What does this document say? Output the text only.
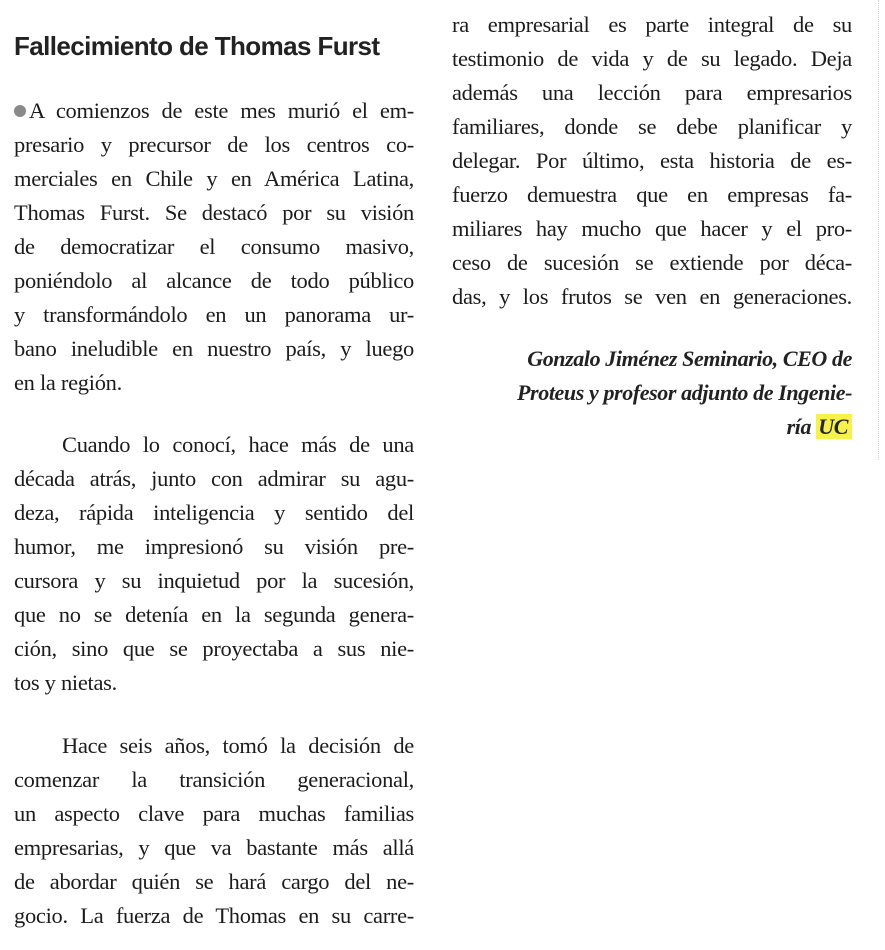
Fallecimiento de Thomas Furst
A comienzos de este mes murió el em-
presario y precursor de los centros co-
merciales en Chile y en América Latina,
Thomas Furst. Se destacó por su visión
de democratizar el consumo masivo,
poniéndolo al alcance de todo público
y transformándolo en un panorama ur-
bano ineludible en nuestro país, y luego
en la región.
Cuando lo conocí, hace más de una
década atrás, junto con admirar su agu-
deza, rápida inteligencia y sentido del
humor, me impresionó su visión pre-
cursora y su inquietud por la sucesión,
que no se detenía en la segunda genera-
ción, sino que se proyectaba a sus nie-
tos y nietas.
Hace seis años, tomó la decisión de
comenzar la transición generacional,
un aspecto clave para muchas familias
empresarias, y que va bastante más allá
de abordar quién se hará cargo del ne-
gocio. La fuerza de Thomas en su carre-
ra empresarial es parte integral de su
testimonio de vida y de su legado. Deja
además una lección para empresarios
familiares, donde se debe planificar y
delegar. Por último, esta historia de es-
fuerzo demuestra que en empresas fa-
miliares hay mucho que hacer y el pro-
ceso de sucesión se extiende por déca-
das, y los frutos se ven en generaciones.
Gonzalo Jiménez Seminario, CEO de
Proteus y profesor adjunto de Ingenie-
ría UC
